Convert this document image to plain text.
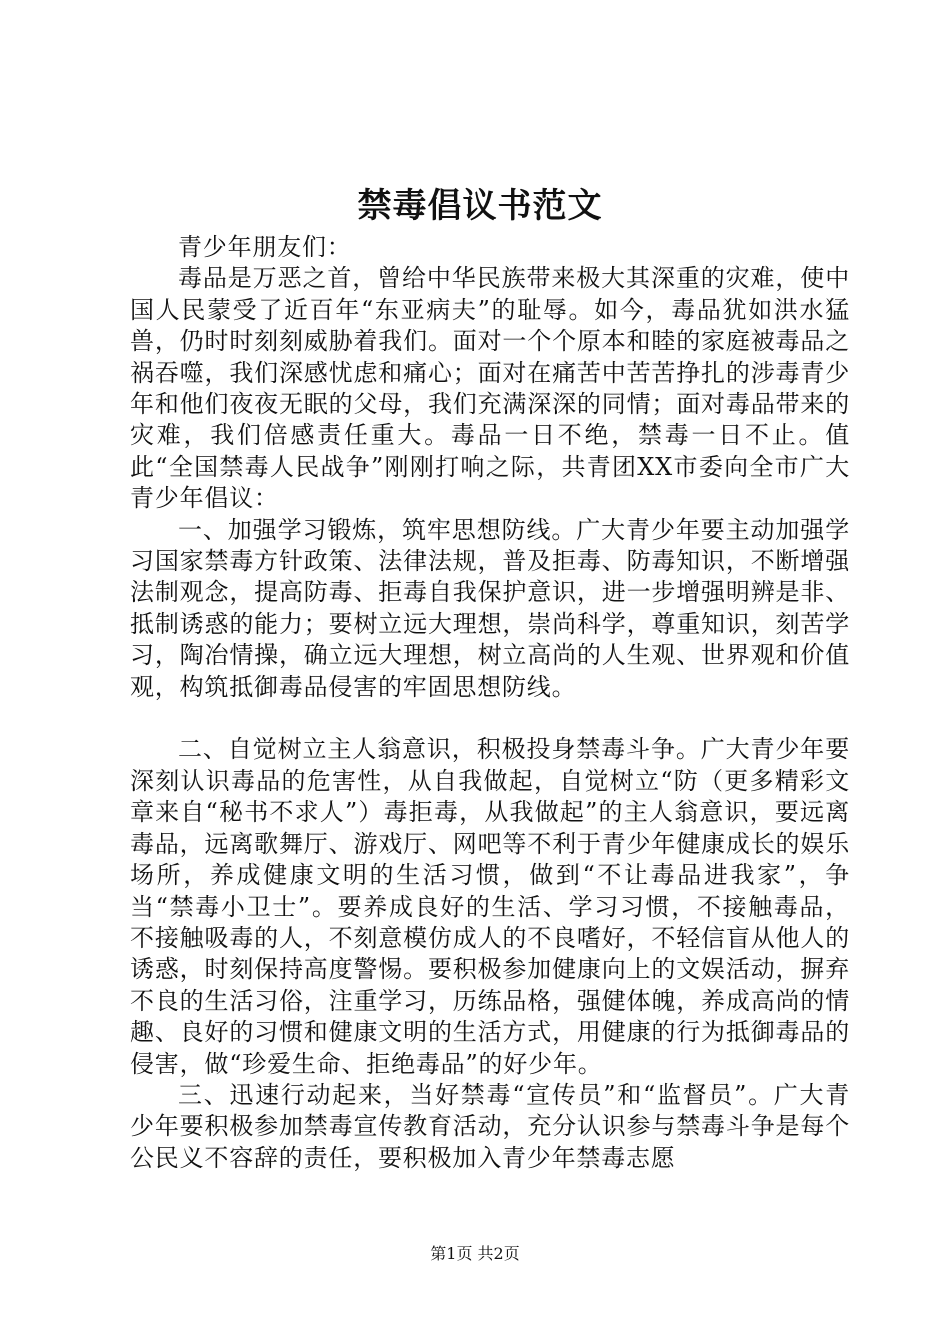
禁毒倡议书范文

青少年朋友们：

毒品是万恶之首，曾给中华民族带来极大其深重的灾难，使中国人民蒙受了近百年“东亚病夫”的耻辱。如今，毒品犹如洪水猛兽，仍时时刻刻威胁着我们。面对一个个原本和睦的家庭被毒品之祸吞噬，我们深感忧虑和痛心；面对在痛苦中苦苦挣扎的涉毒青少年和他们夜夜无眠的父母，我们充满深深的同情；面对毒品带来的灾难，我们倍感责任重大。毒品一日不绝，禁毒一日不止。值此“全国禁毒人民战争”刚刚打响之际，共青团XX市委向全市广大青少年倡议：

一、加强学习锻炼，筑牢思想防线。广大青少年要主动加强学习国家禁毒方针政策、法律法规，普及拒毒、防毒知识，不断增强法制观念，提高防毒、拒毒自我保护意识，进一步增强明辨是非、抵制诱惑的能力；要树立远大理想，崇尚科学，尊重知识，刻苦学习，陶冶情操，确立远大理想，树立高尚的人生观、世界观和价值观，构筑抵御毒品侵害的牢固思想防线。

二、自觉树立主人翁意识，积极投身禁毒斗争。广大青少年要深刻认识毒品的危害性，从自我做起，自觉树立“防（更多精彩文章来自“秘书不求人”）毒拒毒，从我做起”的主人翁意识，要远离毒品，远离歌舞厅、游戏厅、网吧等不利于青少年健康成长的娱乐场所，养成健康文明的生活习惯，做到“不让毒品进我家”，争当“禁毒小卫士”。要养成良好的生活、学习习惯，不接触毒品，不接触吸毒的人，不刻意模仿成人的不良嗜好，不轻信盲从他人的诱惑，时刻保持高度警惕。要积极参加健康向上的文娱活动，摒弃不良的生活习俗，注重学习，历练品格，强健体魄，养成高尚的情趣、良好的习惯和健康文明的生活方式，用健康的行为抵御毒品的侵害，做“珍爱生命、拒绝毒品”的好少年。

三、迅速行动起来，当好禁毒“宣传员”和“监督员”。广大青少年要积极参加禁毒宣传教育活动，充分认识参与禁毒斗争是每个公民义不容辞的责任，要积极加入青少年禁毒志愿

第1页 共2页
